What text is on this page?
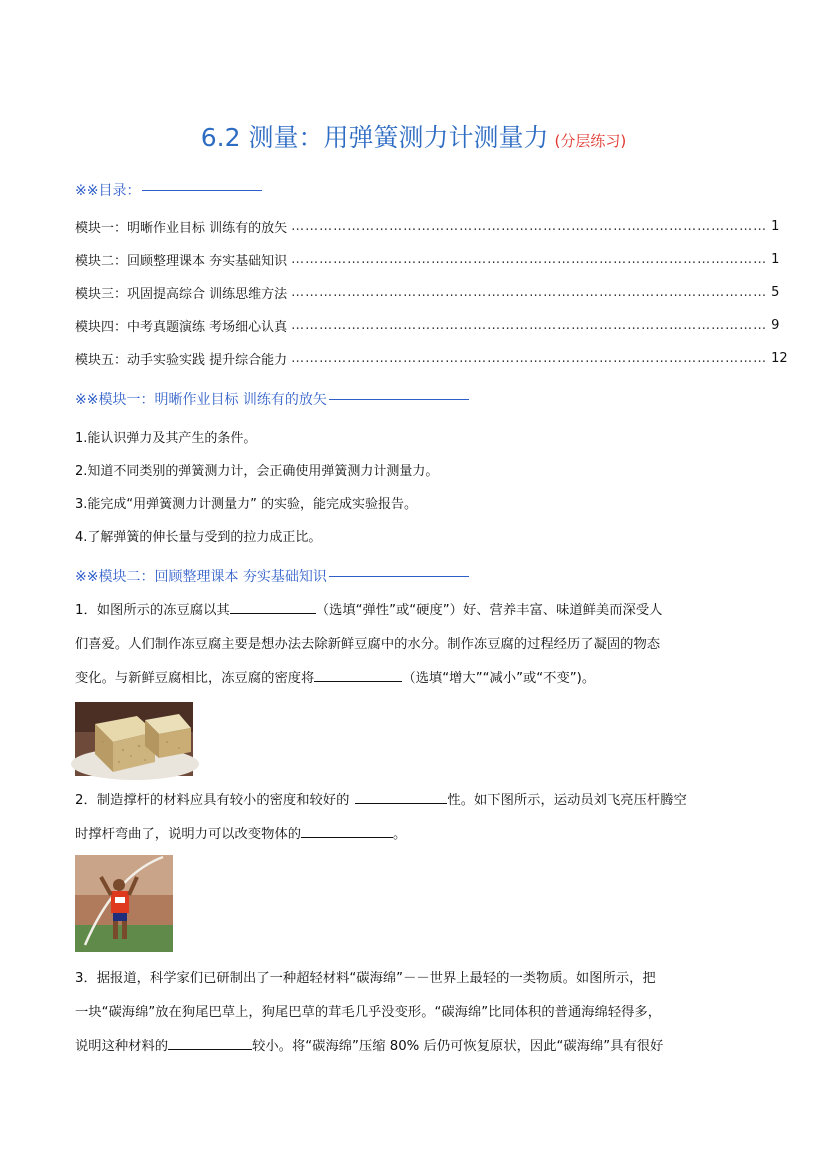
6.2 测量：用弹簧测力计测量力 (分层练习)
※※目录：
模块一：明晰作业目标 训练有的放矢 ………………………………………………………………………………………… 1
模块二：回顾整理课本 夯实基础知识 ………………………………………………………………………………………… 1
模块三：巩固提高综合 训练思维方法 ………………………………………………………………………………………… 5
模块四：中考真题演练 考场细心认真 ………………………………………………………………………………………… 9
模块五：动手实验实践 提升综合能力 ………………………………………………………………………………………… 12
※※模块一：明晰作业目标 训练有的放矢
1.能认识弹力及其产生的条件。
2.知道不同类别的弹簧测力计，会正确使用弹簧测力计测量力。
3.能完成“用弹簧测力计测量力” 的实验，能完成实验报告。
4.了解弹簧的伸长量与受到的拉力成正比。
※※模块二：回顾整理课本 夯实基础知识
1．如图所示的冻豆腐以其	（选填“弹性”或“硬度”）好、营养丰富、味道鲜美而深受人
们喜爱。人们制作冻豆腐主要是想办法去除新鲜豆腐中的水分。制作冻豆腐的过程经历了凝固的物态
变化。与新鲜豆腐相比，冻豆腐的密度将	（选填“增大”“减小”或“不变”)。
2．制造撑杆的材料应具有较小的密度和较好的	性。如下图所示，运动员刘飞亮压杆腾空
时撑杆弯曲了，说明力可以改变物体的	。
3．据报道，科学家们已研制出了一种超轻材料“碳海绵”－－世界上最轻的一类物质。如图所示，把
一块“碳海绵”放在狗尾巴草上，狗尾巴草的茸毛几乎没变形。“碳海绵”比同体积的普通海绵轻得多，
说明这种材料的	较小。将“碳海绵”压缩 80% 后仍可恢复原状，因此“碳海绵”具有很好
